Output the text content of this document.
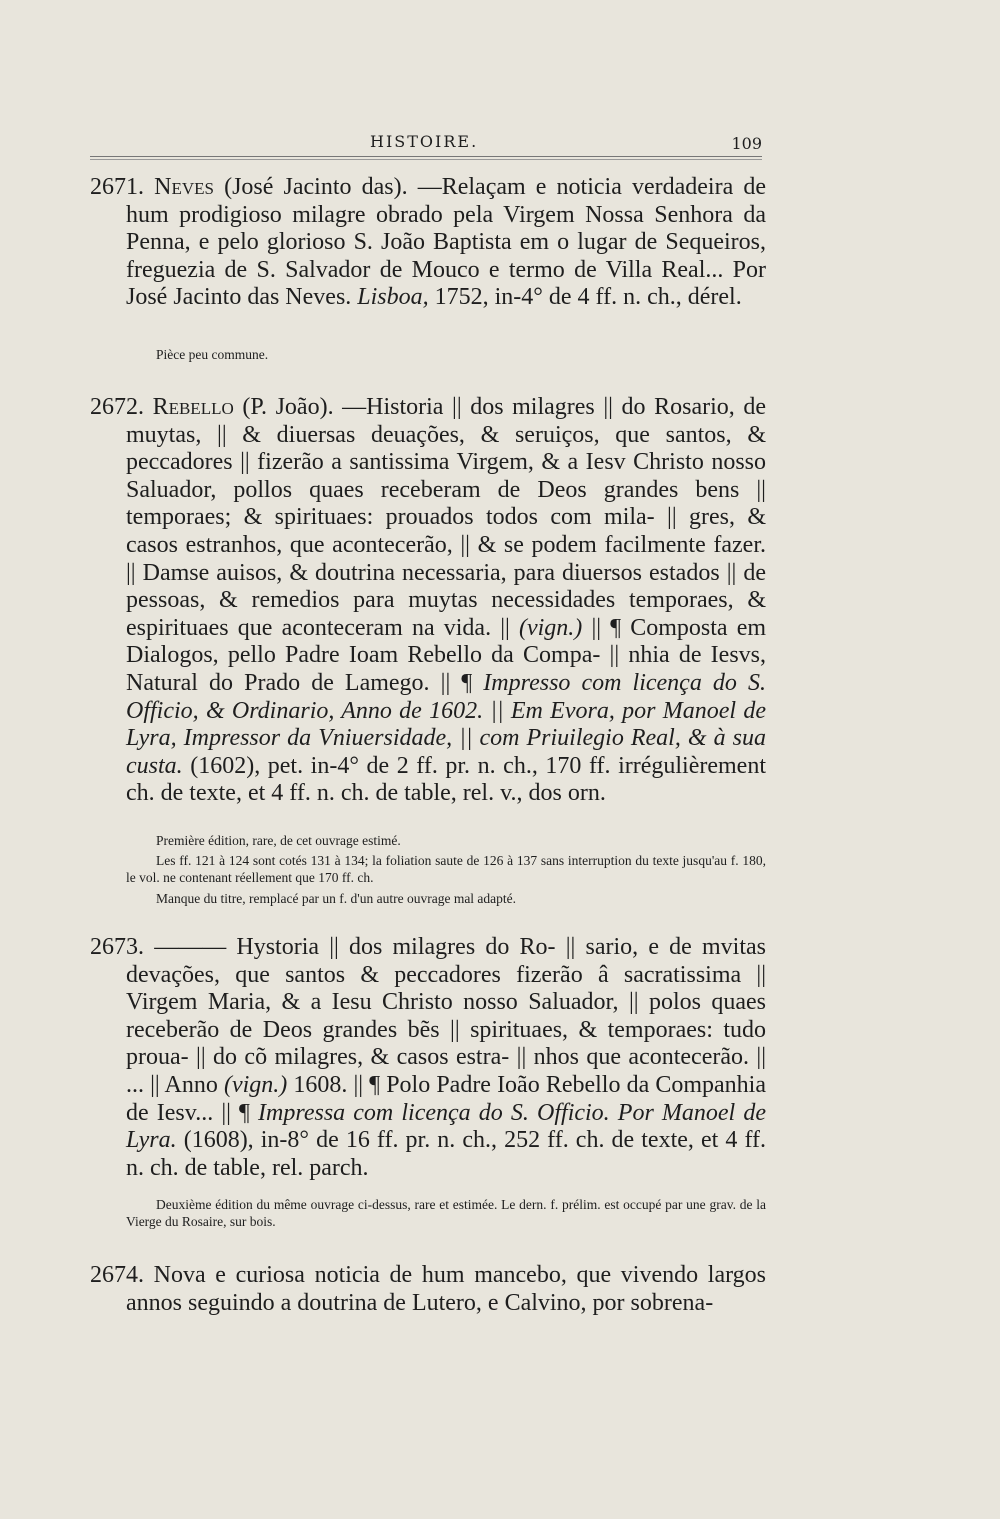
HISTOIRE.	109
2671. Neves (José Jacinto das). —Relaçam e noticia verdadeira de hum prodigioso milagre obrado pela Virgem Nossa Senhora da Penna, e pelo glorioso S. João Baptista em o lugar de Sequeiros, freguezia de S. Salvador de Mouco e termo de Villa Real... Por José Jacinto das Neves. Lisboa, 1752, in-4° de 4 ff. n. ch., dérel.
Pièce peu commune.
2672. Rebello (P. João). —Historia || dos milagres || do Rosario, de muytas, || & diuersas deuações, & seruiços, que santos, & peccadores || fizerão a santissima Virgem, & a Iesv Christo nosso Saluador, pollos quaes receberam de Deos grandes bens || temporaes; & spirituaes: prouados todos com mila- || gres, & casos estranhos, que acontecerão, || & se podem facilmente fazer. || Damse auisos, & doutrina necessaria, para diuersos estados || de pessoas, & remedios para muytas necessidades temporaes, & espirituaes que aconteceram na vida. || (vign.) || ¶ Composta em Dialogos, pello Padre Ioam Rebello da Compa- || nhia de Iesvs, Natural do Prado de Lamego. || ¶ Impresso com licença do S. Officio, & Ordinario, Anno de 1602. || Em Evora, por Manoel de Lyra, Impressor da Vniuersidade, || com Priuilegio Real, & à sua custa. (1602), pet. in-4° de 2 ff. pr. n. ch., 170 ff. irrégulièrement ch. de texte, et 4 ff. n. ch. de table, rel. v., dos orn.
Première édition, rare, de cet ouvrage estimé.
Les ff. 121 à 124 sont cotés 131 à 134; la foliation saute de 126 à 137 sans interruption du texte jusqu'au f. 180, le vol. ne contenant réellement que 170 ff. ch.
Manque du titre, remplacé par un f. d'un autre ouvrage mal adapté.
2673. ——— Hystoria || dos milagres do Ro- || sario, e de mvitas devações, que santos & peccadores fizerão â sacratissima || Virgem Maria, & a Iesu Christo nosso Saluador, || polos quaes receberão de Deos grandes bẽs || spirituaes, & temporaes: tudo proua- || do cõ milagres, & casos estra- || nhos que acontecerão. || ... || Anno (vign.) 1608. || ¶ Polo Padre Ioão Rebello da Companhia de Iesv... || ¶ Impressa com licença do S. Officio. Por Manoel de Lyra. (1608), in-8° de 16 ff. pr. n. ch., 252 ff. ch. de texte, et 4 ff. n. ch. de table, rel. parch.
Deuxième édition du même ouvrage ci-dessus, rare et estimée. Le dern. f. prélim. est occupé par une grav. de la Vierge du Rosaire, sur bois.
2674. Nova e curiosa noticia de hum mancebo, que vivendo largos annos seguindo a doutrina de Lutero, e Calvino, por sobrena-
